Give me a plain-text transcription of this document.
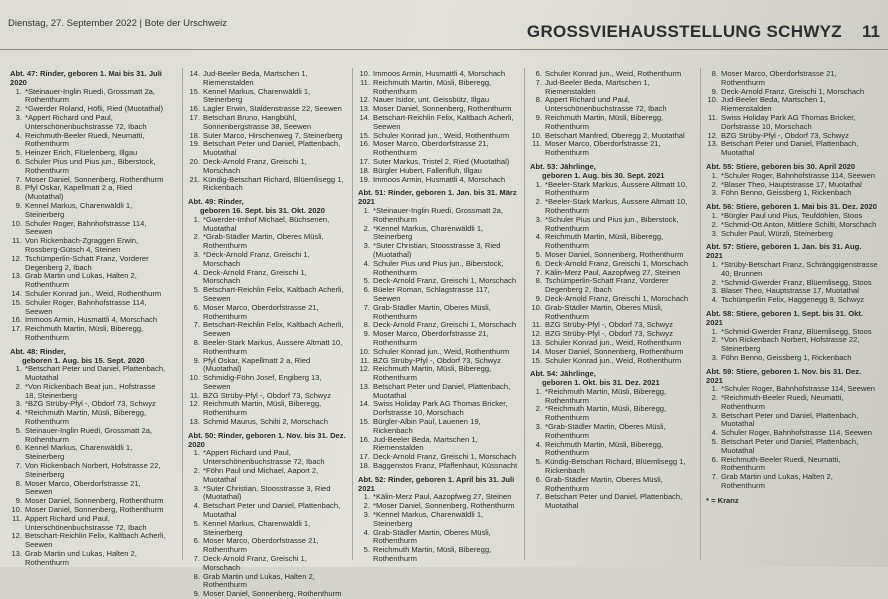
Dienstag, 27. September 2022 | Bote der Urschweiz	GROSSVIEHAUSSTELLUNG SCHWYZ 11
Abt. 47: Rinder, geboren 1. Mai bis 31. Juli 2020
1. *Steinauer-Inglin Ruedi, Grossmatt 2a, Rothenthurm
2. *Gwerder Roland, Höfli, Ried (Muotathal)
3. *Appert Richard und Paul, Unterschönenbuchstrasse 72, Ibach
4. Reichmuth-Beeler Ruedi, Neumatti, Rothenthurm
5. Heinzer Erich, Flüelenberg, Illgau
6. Schuler Pius und Pius jun., Biberstock, Rothenthurm
7. Moser Daniel, Sonnenberg, Rothenthurm
8. Pfyl Oskar, Kapellmatt 2 a, Ried (Muotathal)
9. Kennel Markus, Charenwäldli 1, Steinerberg
10. Schuler Roger, Bahnhofstrasse 114, Seewen
11. Von Rickenbach-Zgraggen Erwin, Rossberg-Gütsch 4, Steinen
12. Tschümperlin-Schatt Franz, Vorderer Degenberg 2, Ibach
13. Grab Martin und Lukas, Halten 2, Rothenthurm
14. Schuler Konrad jun., Weid, Rothenthurm
15. Schuler Roger, Bahnhofstrasse 114, Seewen
16. Immoos Armin, Husmattli 4, Morschach
17. Reichmuth Martin, Müsli, Biberegg, Rothenthurm
Abt. 48: Rinder,
geboren 1. Aug. bis 15. Sept. 2020
1. *Betschart Peter und Daniel, Plattenbach, Muotathal
2. *Von Rickenbach Beat jun., Hofstrasse 18, Steinerberg
3. *BZG Strüby-Pfyl -, Obdorf 73, Schwyz
4. *Reichmuth Martin, Müsli, Biberegg, Rothenthurm
5. Steinauer-Inglin Ruedi, Grossmatt 2a, Rothenthurm
6. Kennel Markus, Charenwäldli 1, Steinerberg
7. Von Rickenbach Norbert, Hofstrasse 22, Steinerberg
8. Moser Marco, Oberdorfstrasse 21, Seewen
9. Moser Daniel, Sonnenberg, Rothenthurm
10. Moser Daniel, Sonnenberg, Rothenthurm
11. Appert Richard und Paul, Unterschönenbuchstrasse 72, Ibach
12. Betschart-Reichlin Felix, Kaltbach Acherli, Seewen
13. Grab Martin und Lukas, Halten 2, Rothenthurm
14. Jud-Beeler Beda, Martschen 1, Riemenstalden
15. Kennel Markus, Charenwäldli 1, Steinerberg
16. Lagler Erwin, Staldenstrasse 22, Seewen
17. Betschart Bruno, Hangbühl, Sonnenbergstrasse 38, Seewen
18. Suter Marco, Hirschenweg 7, Steinerberg
19. Betschart Peter und Daniel, Plattenbach, Muotathal
20. Deck-Arnold Franz, Greischi 1, Morschach
21. Kündig-Betschart Richard, Blüemlisegg 1, Rickenbach
Abt. 49: Rinder,
geboren 16. Sept. bis 31. Okt. 2020
1. *Gwerder-Imhof Michael, Büchsenen, Muotathal
2. *Grab-Städler Martin, Oberes Müsli, Rothenthurm
3. *Deck-Arnold Franz, Greischi 1, Morschach
4. Deck-Arnold Franz, Greischi 1, Morschach
5. Betschart-Reichlin Felix, Kaltbach Acherli, Seewen
6. Moser Marco, Oberdorfstrasse 21, Rothenthurm
7. Betschart-Reichlin Felix, Kaltbach Acherli, Seewen
8. Beeler-Stark Markus, Äussere Altmatt 10, Rothenthurm
9. Pfyl Oskar, Kapellmatt 2 a, Ried (Muotathal)
10. Schmidig-Föhn Josef, Engiberg 13, Seewen
11. BZG Strüby-Pfyl -, Obdorf 73, Schwyz
12. Reichmuth Martin, Müsli, Biberegg, Rothenthurm
13. Schmid Maurus, Schilti 2, Morschach
Abt. 50: Rinder, geboren 1. Nov. bis 31. Dez. 2020
1. *Appert Richard und Paul, Unterschönenbuchstrasse 72, Ibach
2. *Föhn Paul und Michael, Aaport 2, Muotathal
3. *Suter Christian, Stoosstrasse 3, Ried (Muotathal)
4. Betschart Peter und Daniel, Plattenbach, Muotathal
5. Kennel Markus, Charenwäldli 1, Steinerberg
6. Moser Marco, Oberdorfstrasse 21, Rothenthurm
7. Deck-Arnold Franz, Greischi 1, Morschach
8. Grab Martin und Lukas, Halten 2, Rothenthurm
9. Moser Daniel, Sonnenberg, Rothenthurm
10. Immoos Armin, Husmattli 4, Morschach
11. Reichmuth Martin, Müsli, Biberegg, Rothenthurm
12. Nauer Isidor, unt. Geissbütz, Illgau
13. Moser Daniel, Sonnenberg, Rothenthurm
14. Betschart-Reichlin Felix, Kaltbach Acherli, Seewen
15. Schuler Konrad jun., Weid, Rothenthurm
16. Moser Marco, Oberdorfstrasse 21, Rothenthurm
17. Suter Markus, Tristel 2, Ried (Muotathal)
18. Bürgler Hubert, Fallenfluh, Illgau
19. Immoos Armin, Husmattli 4, Morschach
Abt. 51: Rinder, geboren 1. Jan. bis 31. März 2021
1. *Steinauer-Inglin Ruedi, Grossmatt 2a, Rothenthurm
2. *Kennel Markus, Charenwäldli 1, Steinerberg
3. *Suter Christian, Stoosstrasse 3, Ried (Muotathal)
4. Schuler Pius und Pius jun., Biberstock, Rothenthurm
5. Deck-Arnold Franz, Greischi 1, Morschach
6. Büeler Roman, Schlagstrasse 117, Seewen
7. Grab-Städler Martin, Oberes Müsli, Rothenthurm
8. Deck-Arnold Franz, Greischi 1, Morschach
9. Moser Marco, Oberdorfstrasse 21, Rothenthurm
10. Schuler Konrad jun., Weid, Rothenthurm
11. BZG Strüby-Pfyl -, Obdorf 73, Schwyz
12. Reichmuth Martin, Müsli, Biberegg, Rothenthurm
13. Betschart Peter und Daniel, Plattenbach, Muotathal
14. Swiss Holiday Park AG Thomas Bricker, Dorfstrasse 10, Morschach
15. Bürgler-Albin Paul, Lauenen 19, Rickenbach
16. Jud-Beeler Beda, Martschen 1, Riemenstalden
17. Deck-Arnold Franz, Greischi 1, Morschach
18. Baggenstos Franz, Pfaffenhaut, Küssnacht
Abt. 52: Rinder, geboren 1. April bis 31. Juli 2021
1. *Kälin-Merz Paul, Aazopfweg 27, Steinen
2. *Moser Daniel, Sonnenberg, Rothenthurm
3. *Kennel Markus, Charenwäldli 1, Steinerberg
4. Grab-Städler Martin, Oberes Müsli, Rothenthurm
5. Reichmuth Martin, Müsli, Biberegg, Rothenthurm
6. Schuler Konrad jun., Weid, Rothenthurm
7. Jud-Beeler Beda, Martschen 1, Riemenstalden
8. Appert Richard und Paul, Unterschönenbuchstrasse 72, Ibach
9. Reichmuth Martin, Müsli, Biberegg, Rothenthurm
10. Betschart Manfred, Oberegg 2, Muotathal
11. Moser Marco, Oberdorfstrasse 21, Rothenthurm
Abt. 53: Jährlinge,
geboren 1. Aug. bis 30. Sept. 2021
1. *Beeler-Stark Markus, Äussere Altmatt 10, Rothenthurm
2. *Beeler-Stark Markus, Äussere Altmatt 10, Rothenthurm
3. *Schuler Pius und Pius jun., Biberstock, Rothenthurm
4. Reichmuth Martin, Müsli, Biberegg, Rothenthurm
5. Moser Daniel, Sonnenberg, Rothenthurm
6. Deck-Arnold Franz, Greischi 1, Morschach
7. Kälin-Merz Paul, Aazopfweg 27, Steinen
8. Tschümperlin-Schatt Franz, Vorderer Degenberg 2, Ibach
9. Deck-Arnold Franz, Greischi 1, Morschach
10. Grab-Städler Martin, Oberes Müsli, Rothenthurm
11. BZG Strüby-Pfyl -, Obdorf 73, Schwyz
12. BZG Strüby-Pfyl -, Obdorf 73, Schwyz
13. Schuler Konrad jun., Weid, Rothenthurm
14. Moser Daniel, Sonnenberg, Rothenthurm
15. Schuler Konrad jun., Weid, Rothenthurm
Abt. 54: Jährlinge,
geboren 1. Okt. bis 31. Dez. 2021
1. *Reichmuth Martin, Müsli, Biberegg, Rothenthurm
2. *Reichmuth Martin, Müsli, Biberegg, Rothenthurm
3. *Grab-Städler Martin, Oberes Müsli, Rothenthurm
4. Reichmuth Martin, Müsli, Biberegg, Rothenthurm
5. Kündig-Betschart Richard, Blüemlisegg 1, Rickenbach
6. Grab-Städler Martin, Oberes Müsli, Rothenthurm
7. Betschart Peter und Daniel, Plattenbach, Muotathal
8. Moser Marco, Oberdorfstrasse 21, Rothenthurm
9. Deck-Arnold Franz, Greischi 1, Morschach
10. Jud-Beeler Beda, Martschen 1, Riemenstalden
11. Swiss Holiday Park AG Thomas Bricker, Dorfstrasse 10, Morschach
12. BZG Strüby-Pfyl -, Obdorf 73, Schwyz
13. Betschart Peter und Daniel, Plattenbach, Muotathal
Abt. 55: Stiere, geboren bis 30. April 2020
1. *Schuler Roger, Bahnhofstrasse 114, Seewen
2. *Blaser Theo, Hauptstrasse 17, Muotathal
3. Föhn Benno, Geissberg 1, Rickenbach
Abt. 56: Stiere, geboren 1. Mai bis 31. Dez. 2020
1. *Bürgler Paul und Pius, Teufdöhlen, Stoos
2. *Schmid-Ott Anton, Mittlere Schilti, Morschach
3. Schuler Paul, Würzli, Steinerberg
Abt. 57: Stiere, geboren 1. Jan. bis 31. Aug. 2021
1. *Strüby-Betschart Franz, Schränggigenstrasse 40, Brunnen
2. *Schmid-Gwerder Franz, Blüemlisegg, Stoos
3. Blaser Theo, Hauptstrasse 17, Muotathal
4. Tschümperlin Felix, Haggenegg 9, Schwyz
Abt. 58: Stiere, geboren 1. Sept. bis 31. Okt. 2021
1. *Schmid-Gwerder Franz, Blüemlisegg, Stoos
2. *Von Rickenbach Norbert, Hofstrasse 22, Steinerberg
3. Föhn Benno, Geissberg 1, Rickenbach
Abt. 59: Stiere, geboren 1. Nov. bis 31. Dez. 2021
1. *Schuler Roger, Bahnhofstrasse 114, Seewen
2. *Reichmuth-Beeler Ruedi, Neumatti, Rothenthurm
3. Betschart Peter und Daniel, Plattenbach, Muotathal
4. Schuler Roger, Bahnhofstrasse 114, Seewen
5. Betschart Peter und Daniel, Plattenbach, Muotathal
6. Reichmuth-Beeler Ruedi, Neumatti, Rothenthurm
7. Grab Martin und Lukas, Halten 2, Rothenthurm
* = Kranz
